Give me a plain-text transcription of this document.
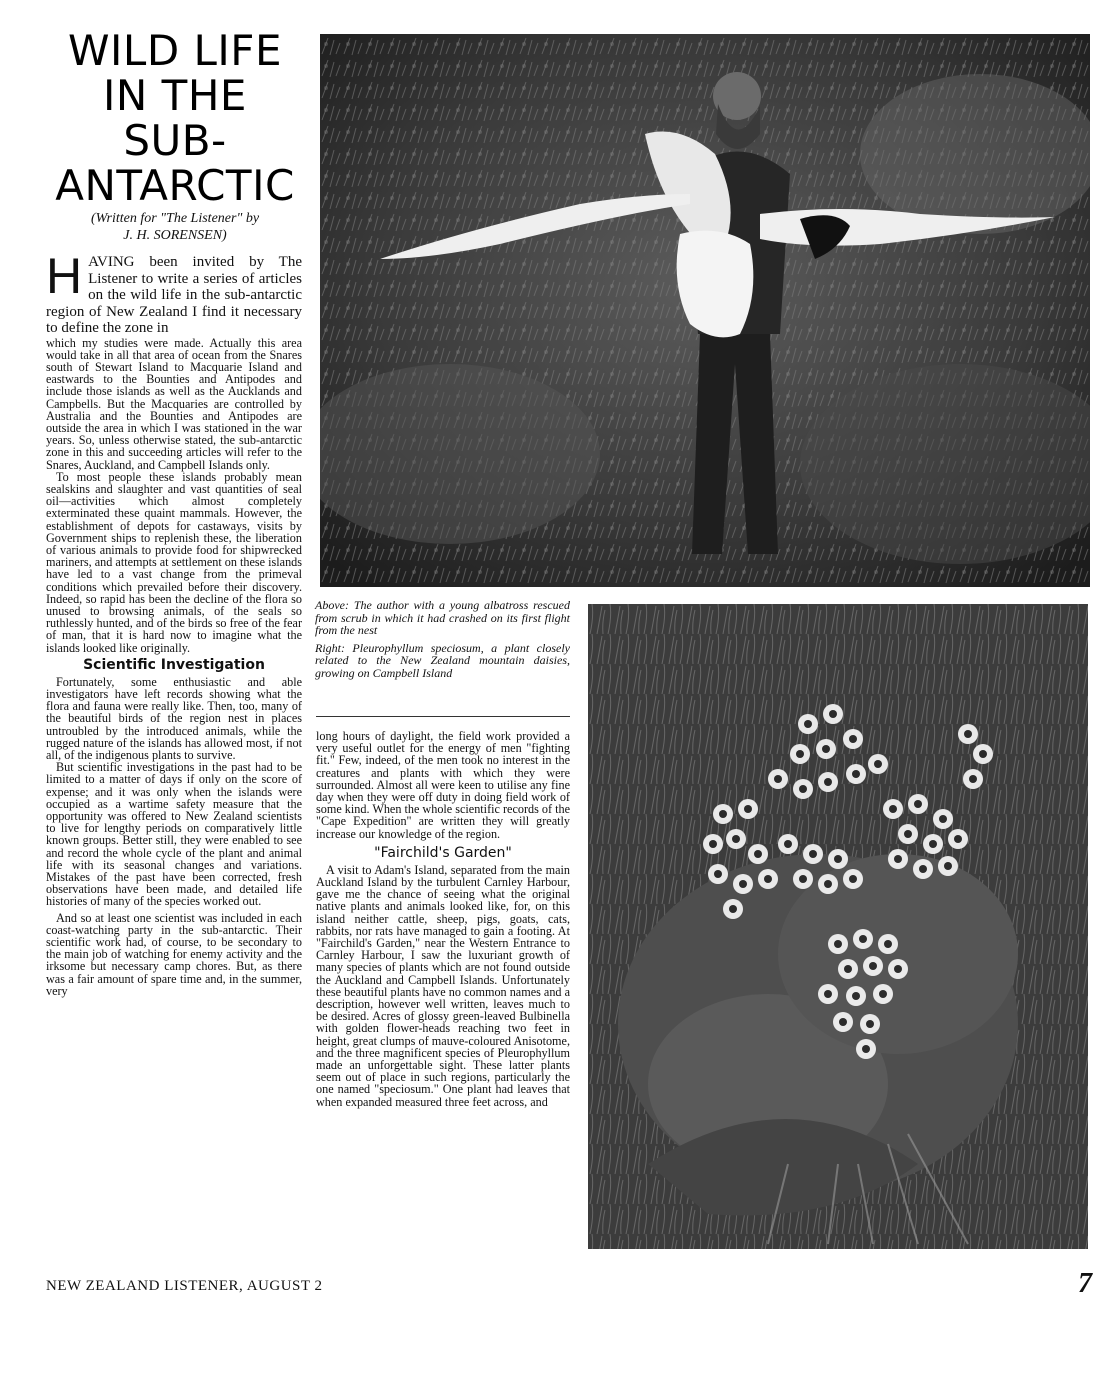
WILD LIFE
IN THE
SUB-
ANTARCTIC
(Written for "The Listener" by
J. H. SORENSEN)

HAVING been invited by The Listener to write a series of articles on the wild life in the sub-antarctic region of New Zealand I find it necessary to define the zone in

which my studies were made. Actually this area would take in all that area of ocean from the Snares south of Stewart Island to Macquarie Island and eastwards to the Bounties and Antipodes and include those islands as well as the Aucklands and Campbells. But the Macquaries are controlled by Australia and the Bounties and Antipodes are outside the area in which I was stationed in the war years. So, unless otherwise stated, the sub-antarctic zone in this and succeeding articles will refer to the Snares, Auckland, and Campbell Islands only.

To most people these islands probably mean sealskins and slaughter and vast quantities of seal oil—activities which almost completely exterminated these quaint mammals. However, the establishment of depots for castaways, visits by Government ships to replenish these, the liberation of various animals to provide food for shipwrecked mariners, and attempts at settlement on these islands have led to a vast change from the primeval conditions which prevailed before their discovery. Indeed, so rapid has been the decline of the flora so unused to browsing animals, of the seals so ruthlessly hunted, and of the birds so free of the fear of man, that it is hard now to imagine what the islands looked like originally.

Scientific Investigation

Fortunately, some enthusiastic and able investigators have left records showing what the flora and fauna were really like. Then, too, many of the beautiful birds of the region nest in places untroubled by the introduced animals, while the rugged nature of the islands has allowed most, if not all, of the indigenous plants to survive.

But scientific investigations in the past had to be limited to a matter of days if only on the score of expense; and it was only when the islands were occupied as a wartime safety measure that the opportunity was offered to New Zealand scientists to live for lengthy periods on comparatively little known groups. Better still, they were enabled to see and record the whole cycle of the plant and animal life with its seasonal changes and variations. Mistakes of the past have been corrected, fresh observations have been made, and detailed life histories of many of the species worked out.

And so at least one scientist was included in each coast-watching party in the sub-antarctic. Their scientific work had, of course, to be secondary to the main job of watching for enemy activity and the irksome but necessary camp chores. But, as there was a fair amount of spare time and, in the summer, very

Above: The author with a young albatross rescued from scrub in which it had crashed on its first flight from the nest

Right: Pleurophyllum speciosum, a plant closely related to the New Zealand mountain daisies, growing on Campbell Island

long hours of daylight, the field work provided a very useful outlet for the energy of men "fighting fit." Few, indeed, of the men took no interest in the creatures and plants with which they were surrounded. Almost all were keen to utilise any fine day when they were off duty in doing field work of some kind. When the whole scientific records of the "Cape Expedition" are written they will greatly increase our knowledge of the region.

"Fairchild's Garden"

A visit to Adam's Island, separated from the main Auckland Island by the turbulent Carnley Harbour, gave me the chance of seeing what the original native plants and animals looked like, for, on this island neither cattle, sheep, pigs, goats, cats, rabbits, nor rats have managed to gain a footing. At "Fairchild's Garden," near the Western Entrance to Carnley Harbour, I saw the luxuriant growth of many species of plants which are not found outside the Auckland and Campbell Islands. Unfortunately these beautiful plants have no common names and a description, however well written, leaves much to be desired. Acres of glossy green-leaved Bulbinella with golden flower-heads reaching two feet in height, great clumps of mauve-coloured Anisotome, and the three magnificent species of Pleurophyllum made an unforgettable sight. These latter plants seem out of place in such regions, particularly the one named "speciosum." One plant had leaves that when expanded measured three feet across, and

NEW ZEALAND LISTENER, AUGUST 2	7
